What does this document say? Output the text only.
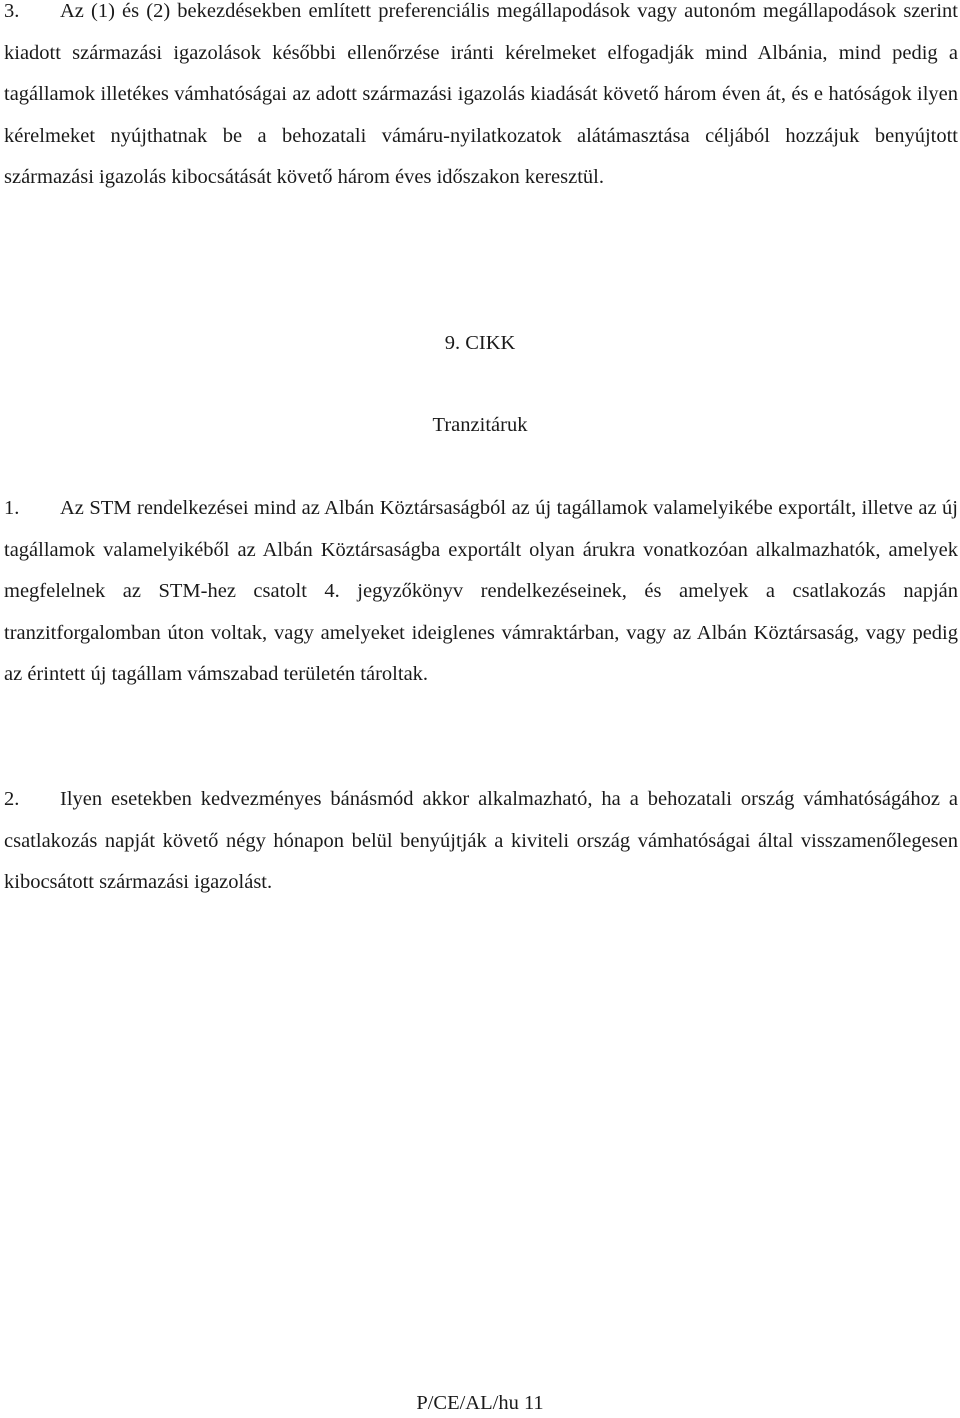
3. Az (1) és (2) bekezdésekben említett preferenciális megállapodások vagy autonóm megállapodások szerint kiadott származási igazolások későbbi ellenőrzése iránti kérelmeket elfogadják mind Albánia, mind pedig a tagállamok illetékes vámhatóságai az adott származási igazolás kiadását követő három éven át, és e hatóságok ilyen kérelmeket nyújthatnak be a behozatali vámáru-nyilatkozatok alátámasztása céljából hozzájuk benyújtott származási igazolás kibocsátását követő három éves időszakon keresztül.

9. CIKK

Tranzitáruk

1. Az STM rendelkezései mind az Albán Köztársaságból az új tagállamok valamelyikébe exportált, illetve az új tagállamok valamelyikéből az Albán Köztársaságba exportált olyan árukra vonatkozóan alkalmazhatók, amelyek megfelelnek az STM-hez csatolt 4. jegyzőkönyv rendelkezéseinek, és amelyek a csatlakozás napján tranzitforgalomban úton voltak, vagy amelyeket ideiglenes vámraktárban, vagy az Albán Köztársaság, vagy pedig az érintett új tagállam vámszabad területén tároltak.

2. Ilyen esetekben kedvezményes bánásmód akkor alkalmazható, ha a behozatali ország vámhatóságához a csatlakozás napját követő négy hónapon belül benyújtják a kiviteli ország vámhatóságai által visszamenőlegesen kibocsátott származási igazolást.

P/CE/AL/hu 11
